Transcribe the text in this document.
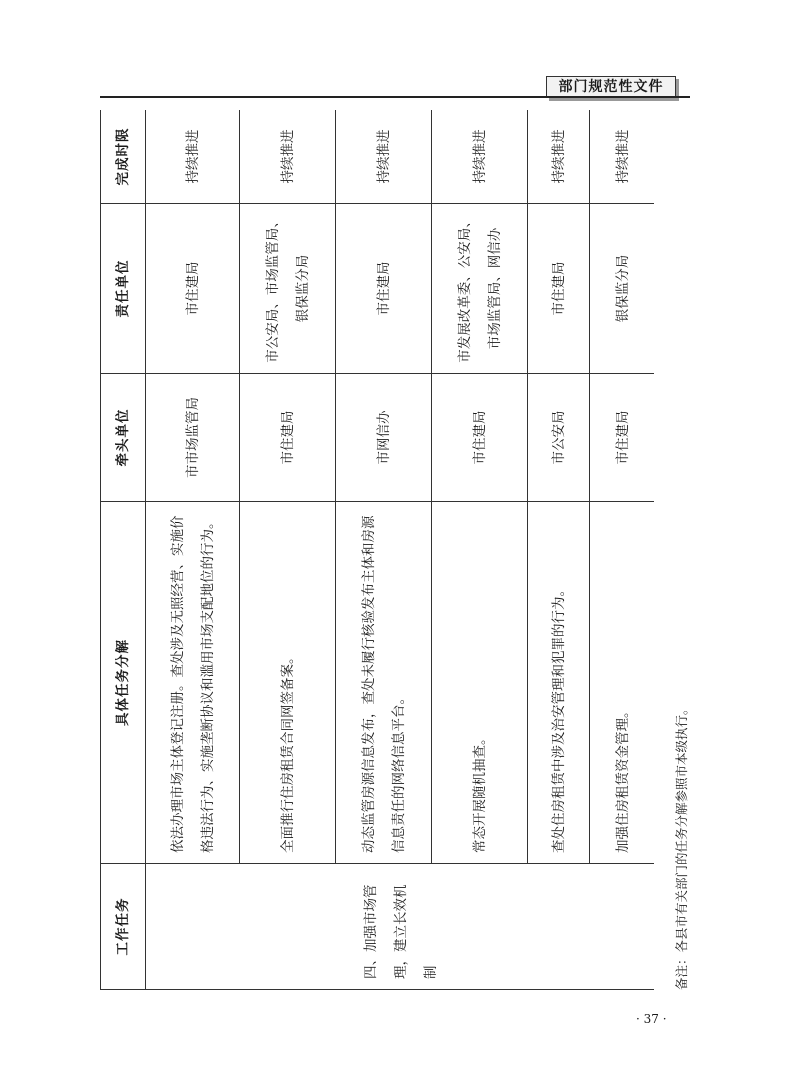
部门规范性文件
工作任务	具体任务分解	牵头单位	责任单位	完成时限
四、加强市场管理，建立长效机制	依法办理市场主体登记注册。查处涉及无照经营、实施价格违法行为、实施垄断协议和滥用市场支配地位的行为。	市市场监管局	市住建局	持续推进
	全面推行住房租赁合同网签备案。	市住建局	市公安局、市场监管局、银保监分局	持续推进
	动态监管房源信息发布，查处未履行核验发布主体和房源信息责任的网络信息平台。	市网信办	市住建局	持续推进
	常态开展随机抽查。	市住建局	市发展改革委、公安局、市场监管局、网信办	持续推进
	查处住房租赁中涉及治安管理和犯罪的行为。	市公安局	市住建局	持续推进
	加强住房租赁资金管理。	市住建局	银保监分局	持续推进
备注：各县市有关部门的任务分解参照市本级执行。
· 37 ·
